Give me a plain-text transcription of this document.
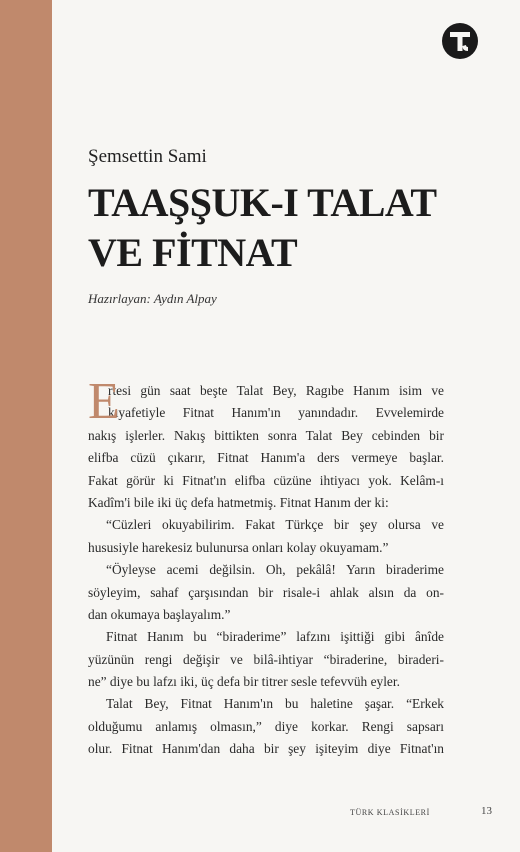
Şemsettin Sami
TAAŞŞUK-I TALAT
VE FİTNAT
Hazırlayan: Aydın Alpay
E
rtesi gün saat beşte Talat Bey, Ragıbe Hanım isim ve
kıyafetiyle Fitnat Hanım'ın yanındadır. Evvelemirde
nakış işlerler. Nakış bittikten sonra Talat Bey cebinden bir
elifba cüzü çıkarır, Fitnat Hanım'a ders vermeye başlar.
Fakat görür ki Fitnat'ın elifba cüzüne ihtiyacı yok. Kelâm-ı
Kadîm'i bile iki üç defa hatmetmiş. Fitnat Hanım der ki:
“Cüzleri okuyabilirim. Fakat Türkçe bir şey olursa ve
hususiyle harekesiz bulunursa onları kolay okuyamam.”
“Öyleyse acemi değilsin. Oh, pekâlâ! Yarın biraderime
söyleyim, sahaf çarşısından bir risale-i ahlak alsın da on-
dan okumaya başlayalım.”
Fitnat Hanım bu “biraderime” lafzını işittiği gibi ânîde
yüzünün rengi değişir ve bilâ-ihtiyar “biraderine, biraderi-
ne” diye bu lafzı iki, üç defa bir titrer sesle tefevvüh eyler.
Talat Bey, Fitnat Hanım'ın bu haletine şaşar. “Erkek
olduğumu anlamış olmasın,” diye korkar. Rengi sapsarı
olur. Fitnat Hanım'dan daha bir şey işiteyim diye Fitnat'ın
TÜRK KLASİKLERİ	13
